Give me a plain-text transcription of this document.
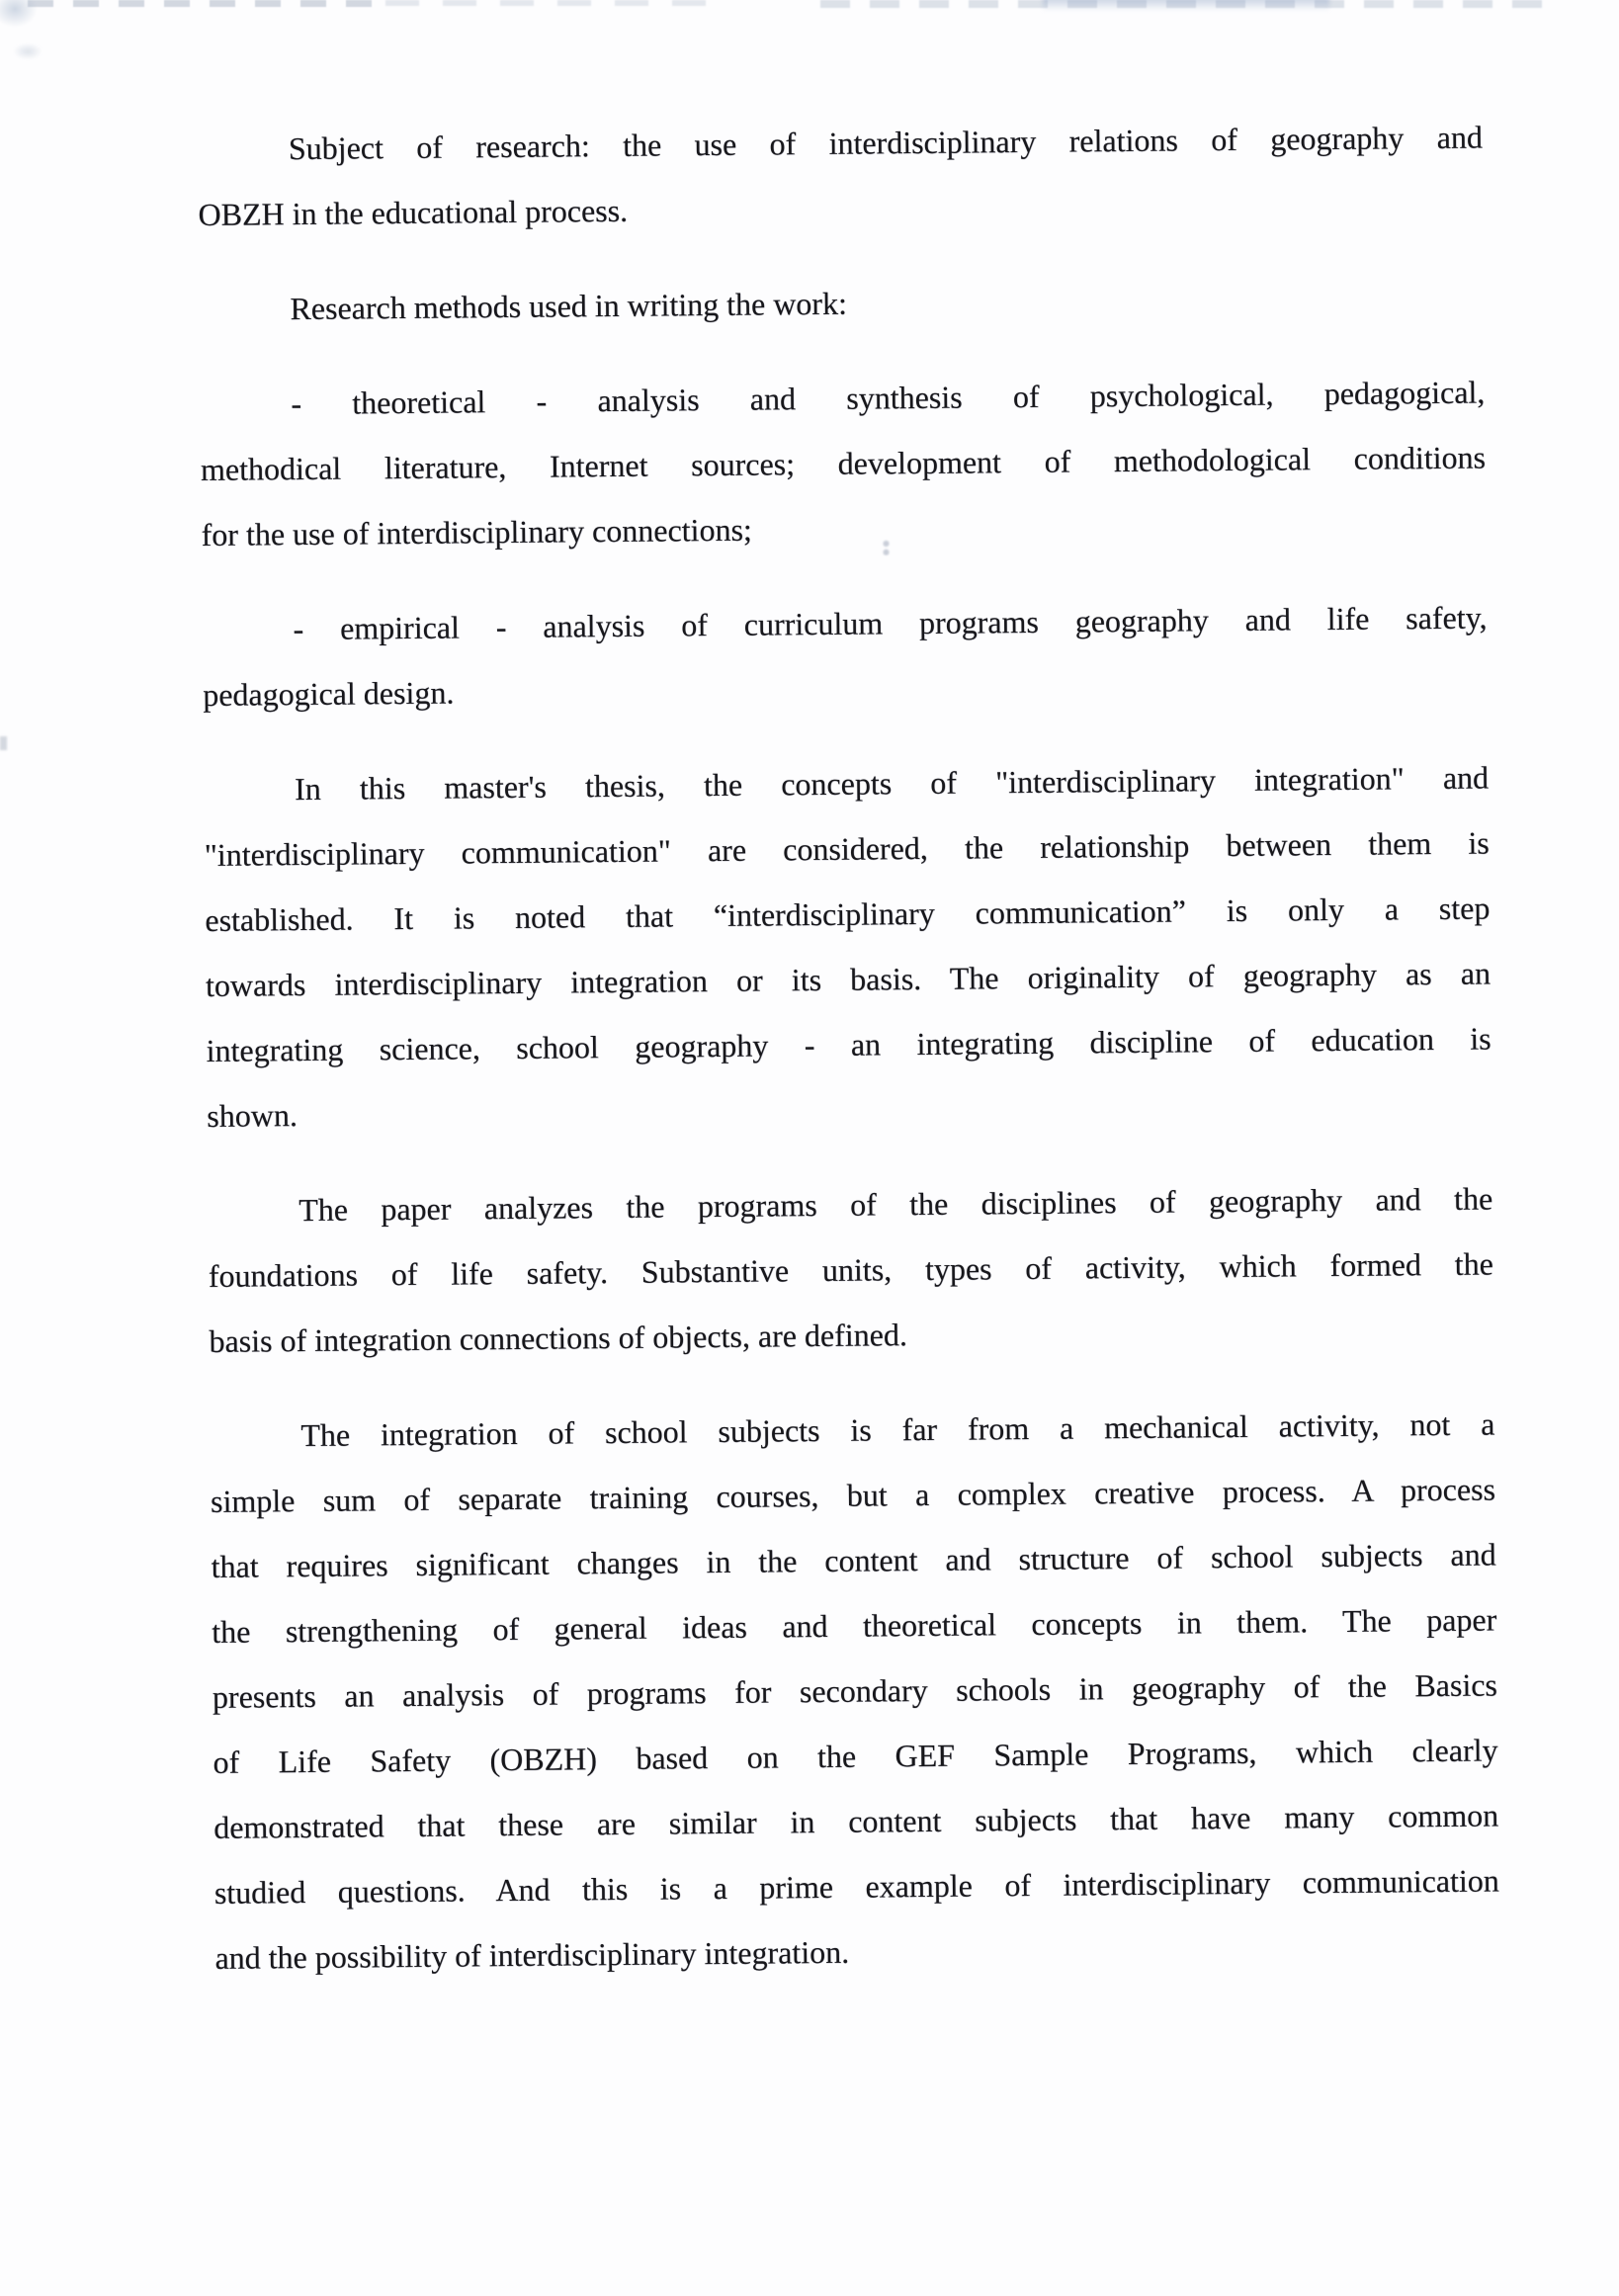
Subject of research: the use of interdisciplinary relations of geography and
OBZH in the educational process.

Research methods used in writing the work:

- theoretical - analysis and synthesis of psychological, pedagogical,
methodical literature, Internet sources; development of methodological conditions
for the use of interdisciplinary connections;

- empirical - analysis of curriculum programs geography and life safety,
pedagogical design.

In this master's thesis, the concepts of "interdisciplinary integration" and
"interdisciplinary communication" are considered, the relationship between them is
established. It is noted that “interdisciplinary communication” is only a step
towards interdisciplinary integration or its basis. The originality of geography as an
integrating science, school geography - an integrating discipline of education is
shown.

The paper analyzes the programs of the disciplines of geography and the
foundations of life safety. Substantive units, types of activity, which formed the
basis of integration connections of objects, are defined.

The integration of school subjects is far from a mechanical activity, not a
simple sum of separate training courses, but a complex creative process. A process
that requires significant changes in the content and structure of school subjects and
the strengthening of general ideas and theoretical concepts in them. The paper
presents an analysis of programs for secondary schools in geography of the Basics
of Life Safety (OBZH) based on the GEF Sample Programs, which clearly
demonstrated that these are similar in content subjects that have many common
studied questions. And this is a prime example of interdisciplinary communication
and the possibility of interdisciplinary integration.
